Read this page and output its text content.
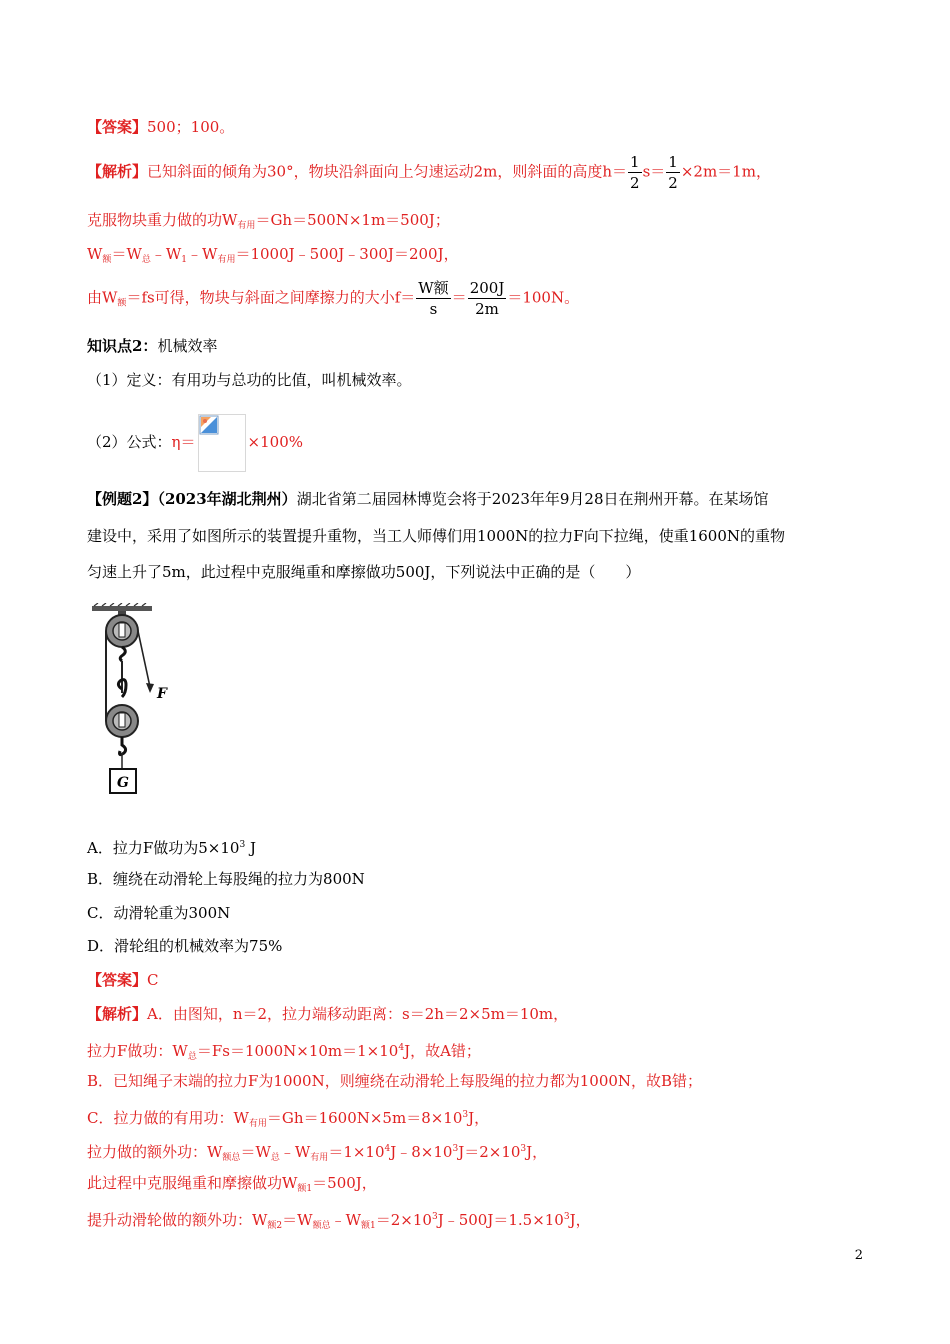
【答案】500；100。
【解析】已知斜面的倾角为30°，物块沿斜面向上匀速运动2m，则斜面的高度$h= \frac{1}{2} s= \frac{1}{2} \times 2m=1m$，
克服物块重力做的功$W_{有用}=Gh=500N\times 1m=500J$；
$W_额=W_总﹣W_1﹣W_{有用}=1000J﹣500J﹣300J=200J$，
由$W_额=fs$可得，物块与斜面之间摩擦力的大小$f= \frac{\text{W额}}{s} = \frac{200J}{2m} =100N$。
知识点2：机械效率
（1）定义：有用功与总功的比值，叫机械效率。
（2）公式：η＝	×100%
【例题2】（2023年湖北荆州）湖北省第二届园林博览会将于2023年年9月28日在荆州开幕。在某场馆
建设中，采用了如图所示的装置提升重物，当工人师傅们用1000N的拉力F向下拉绳，使重1600N的重物
匀速上升了5m，此过程中克服绳重和摩擦做功500J，下列说法中正确的是（　　）
F
G
A．拉力F做功为$5\times 10^3$ J
B．缠绕在动滑轮上每股绳的拉力为800N
C．动滑轮重为300N
D．滑轮组的机械效率为75%
【答案】C
【解析】A．由图知，n＝2，拉力端移动距离：s＝2h＝2×5m＝10m，
拉力F做功：$W_总=Fs=1000N\times 10m=1\times 10^4J$，故A错；
B．已知绳子末端的拉力F为1000N，则缠绕在动滑轮上每股绳的拉力都为1000N，故B错；
C．拉力做的有用功：$W_{有用}=Gh=1600N\times 5m=8\times 10^3J$，
拉力做的额外功：$W_{额总}=W_总﹣W_{有用}=1\times 10^4J﹣8\times 10^3J=2\times 10^3J$，
此过程中克服绳重和摩擦做功$W_{额1}=500J$，
提升动滑轮做的额外功：$W_{额2}=W_{额总}﹣W_{额1}=2\times 10^3J﹣500J=1.5\times 10^3J$，
2
